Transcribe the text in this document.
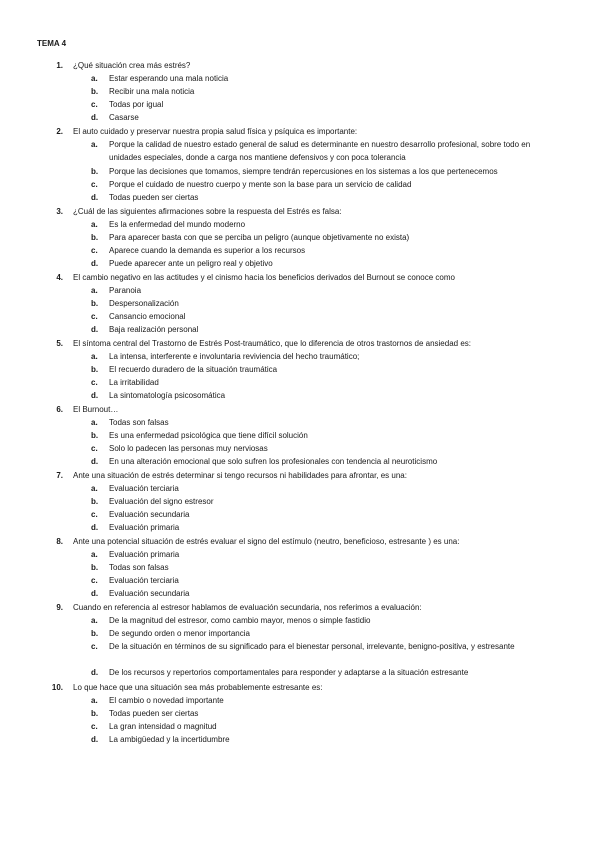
TEMA 4
1. ¿Qué situación crea más estrés?
a. Estar esperando una mala noticia
b. Recibir una mala noticia
c. Todas por igual
d. Casarse
2. El auto cuidado y preservar nuestra propia salud física y psíquica es importante:
a. Porque la calidad de nuestro estado general de salud es determinante en nuestro desarrollo profesional, sobre todo en unidades especiales, donde a carga nos mantiene defensivos y con poca tolerancia
b. Porque las decisiones que tomamos, siempre tendrán repercusiones en los sistemas a los que pertenecemos
c. Porque el cuidado de nuestro cuerpo y mente son la base para un servicio de calidad
d. Todas pueden ser ciertas
3. ¿Cuál de las siguientes afirmaciones sobre la respuesta del Estrés es falsa:
a. Es la enfermedad del mundo moderno
b. Para aparecer basta con que se perciba un peligro (aunque objetivamente no exista)
c. Aparece cuando la demanda es superior a los recursos
d. Puede aparecer ante un peligro real y objetivo
4. El cambio negativo en las actitudes y el cinismo hacia los beneficios derivados del Burnout se conoce como
a. Paranoia
b. Despersonalización
c. Cansancio emocional
d. Baja realización personal
5. El síntoma central del Trastorno de Estrés Post-traumático, que lo diferencia de otros trastornos de ansiedad es:
a. La intensa, interferente e involuntaria reviviencia del hecho traumático;
b. El recuerdo duradero de la situación traumática
c. La irritabilidad
d. La sintomatología psicosomática
6. El Burnout…
a. Todas son falsas
b. Es una enfermedad psicológica que tiene difícil solución
c. Solo lo padecen las personas muy nerviosas
d. En una alteración emocional que solo sufren los profesionales con tendencia al neuroticismo
7. Ante una situación de estrés determinar si tengo recursos ni habilidades para afrontar, es una:
a. Evaluación terciaria
b. Evaluación del signo estresor
c. Evaluación secundaria
d. Evaluación primaria
8. Ante una potencial situación de estrés evaluar el signo del estímulo (neutro, beneficioso, estresante ) es una:
a. Evaluación primaria
b. Todas son falsas
c. Evaluación terciaria
d. Evaluación secundaria
9. Cuando en referencia al estresor hablamos de evaluación secundaria, nos referimos a evaluación:
a. De la magnitud del estresor, como cambio mayor, menos o simple fastidio
b. De segundo orden o menor importancia
c. De la situación en términos de su significado para el bienestar personal, irrelevante, benigno-positiva, y estresante
d. De los recursos y repertorios comportamentales para responder y adaptarse a la situación estresante
10. Lo que hace que una situación sea más probablemente estresante es:
a. El cambio o novedad importante
b. Todas pueden ser ciertas
c. La gran intensidad o magnitud
d. La ambigüedad y la incertidumbre
